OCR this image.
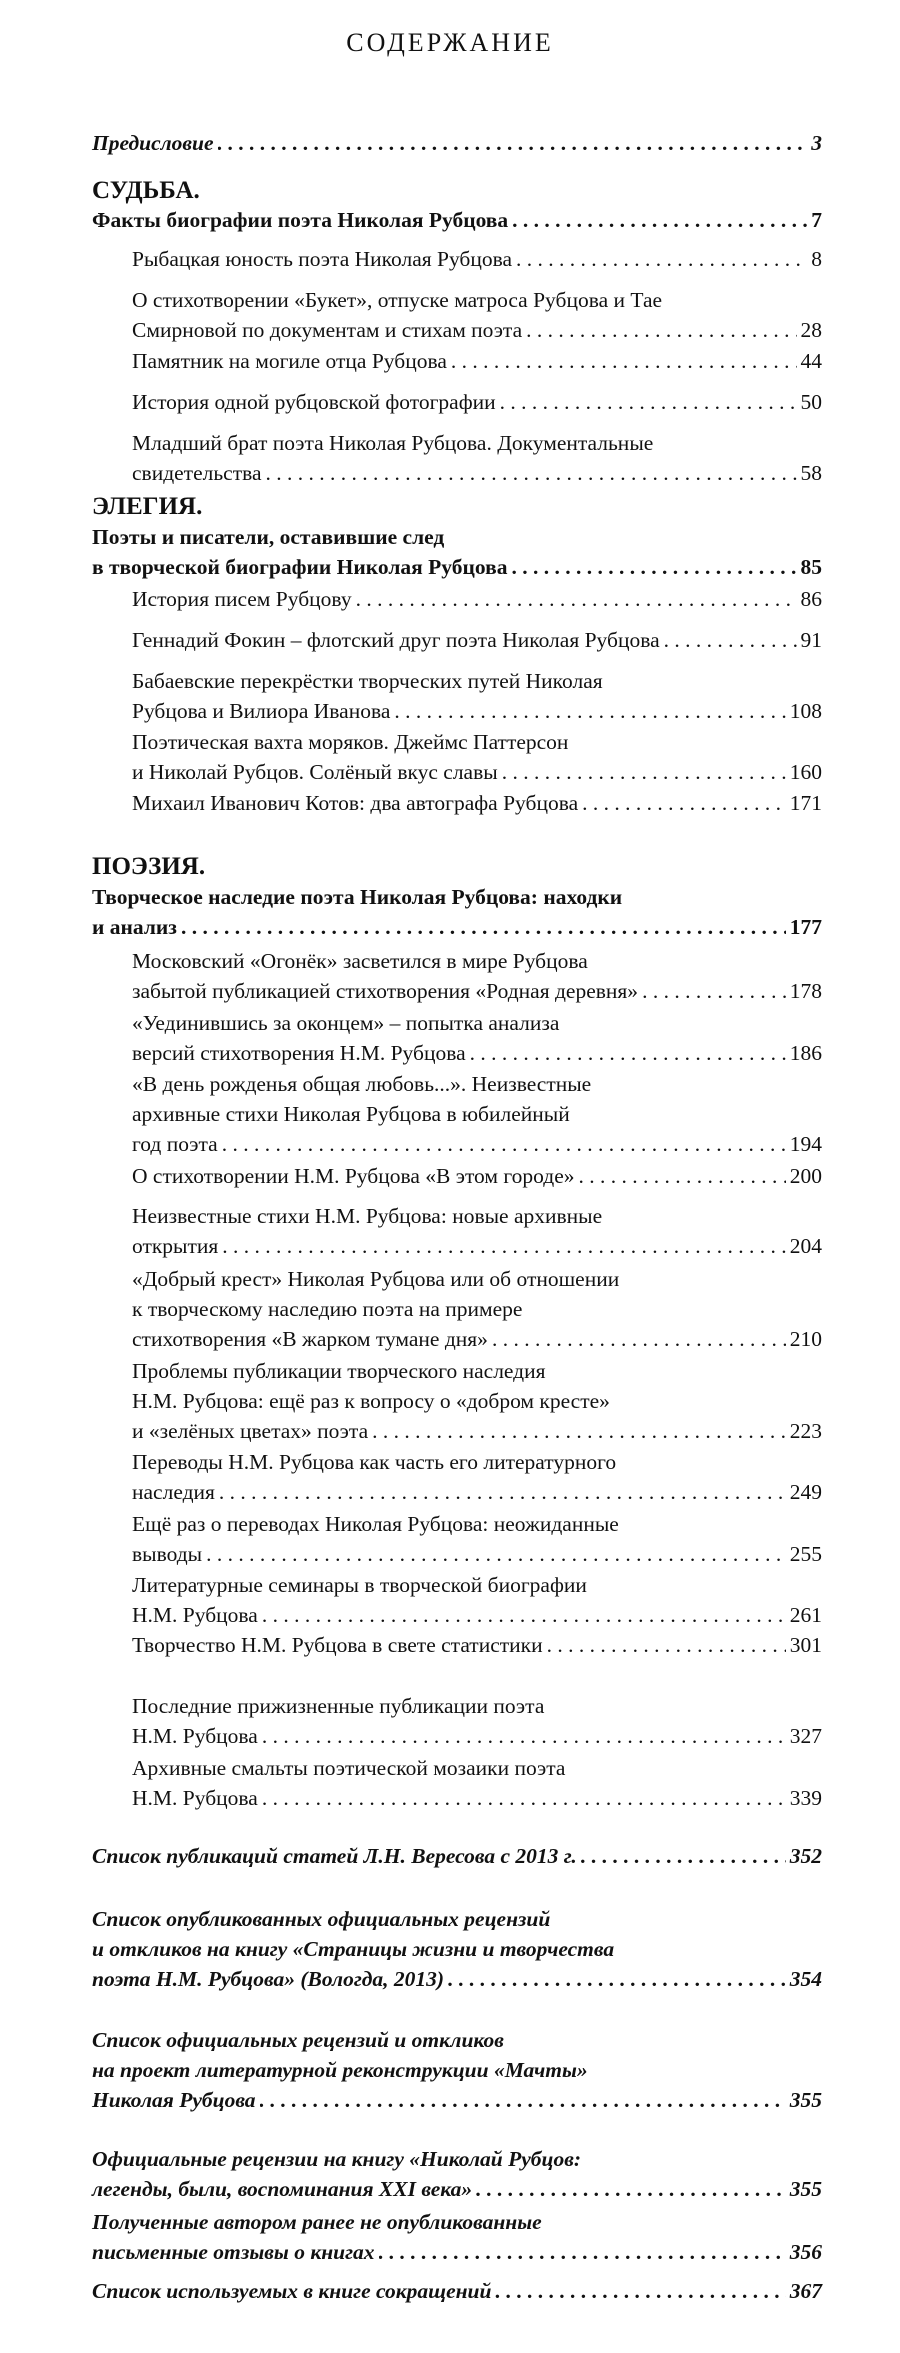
СОДЕРЖАНИЕ
Предисловие . . .	3
СУДЬБА.
Факты биографии поэта Николая Рубцова . . .	7
Рыбацкая юность поэта Николая Рубцова . . .	8
О стихотворении «Букет», отпуске матроса Рубцова и Тае
Смирновой по документам и стихам поэта . . .	28
Памятник на могиле отца Рубцова . . .	44
История одной рубцовской фотографии . . .	50
Младший брат поэта Николая Рубцова. Документальные
свидетельства . . .	58
ЭЛЕГИЯ.
Поэты и писатели, оставившие след
в творческой биографии Николая Рубцова . . .	85
История писем Рубцову . . .	86
Геннадий Фокин – флотский друг поэта Николая Рубцова . . .	91
Бабаевские перекрёстки творческих путей Николая
Рубцова и Вилиора Иванова . . .	108
Поэтическая вахта моряков. Джеймс Паттерсон
и Николай Рубцов. Солёный вкус славы . . .	160
Михаил Иванович Котов: два автографа Рубцова . . .	171
ПОЭЗИЯ.
Творческое наследие поэта Николая Рубцова: находки
и анализ . . .	177
Московский «Огонёк» засветился в мире Рубцова
забытой публикацией стихотворения «Родная деревня» . . .	178
«Уединившись за оконцем» – попытка анализа
версий стихотворения Н.М. Рубцова . . .	186
«В день рожденья общая любовь...». Неизвестные
архивные стихи Николая Рубцова в юбилейный
год поэта . . .	194
О стихотворении Н.М. Рубцова «В этом городе» . . .	200
Неизвестные стихи Н.М. Рубцова: новые архивные
открытия . . .	204
«Добрый крест» Николая Рубцова или об отношении
к творческому наследию поэта на примере
стихотворения «В жарком тумане дня» . . .	210
Проблемы публикации творческого наследия
Н.М. Рубцова: ещё раз к вопросу о «добром кресте»
и «зелёных цветах» поэта . . .	223
Переводы Н.М. Рубцова как часть его литературного
наследия . . .	249
Ещё раз о переводах Николая Рубцова: неожиданные
выводы . . .	255
Литературные семинары в творческой биографии
Н.М. Рубцова . . .	261
Творчество Н.М. Рубцова в свете статистики . . .	301
Последние прижизненные публикации поэта
Н.М. Рубцова . . .	327
Архивные смальты поэтической мозаики поэта
Н.М. Рубцова . . .	339
Список публикаций статей Л.Н. Вересова с 2013 г. . . .	352
Список опубликованных официальных рецензий
и откликов на книгу «Страницы жизни и творчества
поэта Н.М. Рубцова» (Вологда, 2013) . . .	354
Список официальных рецензий и откликов
на проект литературной реконструкции «Мачты»
Николая Рубцова . . .	355
Официальные рецензии на книгу «Николай Рубцов:
легенды, были, воспоминания XXI века» . . .	355
Полученные автором ранее не опубликованные
письменные отзывы о книгах . . .	356
Список используемых в книге сокращений . . .	367
